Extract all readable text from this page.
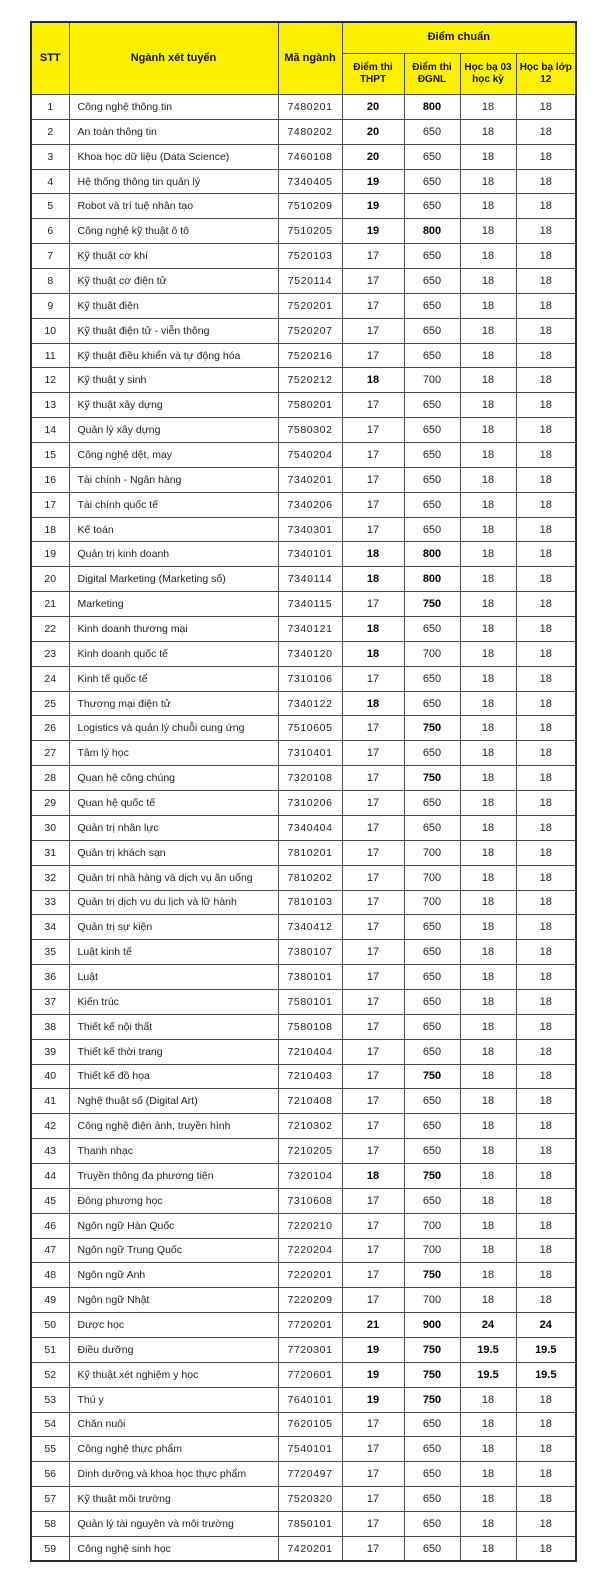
STT	Ngành xét tuyển	Mã ngành	Điểm chuẩn			
			Điểm thi THPT	Điểm thi ĐGNL	Học bạ 03 học kỳ	Học bạ lớp 12
1	Công nghệ thông tin	7480201	20	800	18	18
2	An toàn thông tin	7480202	20	650	18	18
3	Khoa học dữ liệu (Data Science)	7460108	20	650	18	18
4	Hệ thống thông tin quản lý	7340405	19	650	18	18
5	Robot và trí tuệ nhân tạo	7510209	19	650	18	18
6	Công nghệ kỹ thuật ô tô	7510205	19	800	18	18
7	Kỹ thuật cơ khí	7520103	17	650	18	18
8	Kỹ thuật cơ điện tử	7520114	17	650	18	18
9	Kỹ thuật điện	7520201	17	650	18	18
10	Kỹ thuật điện tử - viễn thông	7520207	17	650	18	18
11	Kỹ thuật điều khiển và tự động hóa	7520216	17	650	18	18
12	Kỹ thuật y sinh	7520212	18	700	18	18
13	Kỹ thuật xây dựng	7580201	17	650	18	18
14	Quản lý xây dựng	7580302	17	650	18	18
15	Công nghệ dệt, may	7540204	17	650	18	18
16	Tài chính - Ngân hàng	7340201	17	650	18	18
17	Tài chính quốc tế	7340206	17	650	18	18
18	Kế toán	7340301	17	650	18	18
19	Quản trị kinh doanh	7340101	18	800	18	18
20	Digital Marketing (Marketing số)	7340114	18	800	18	18
21	Marketing	7340115	17	750	18	18
22	Kinh doanh thương mại	7340121	18	650	18	18
23	Kinh doanh quốc tế	7340120	18	700	18	18
24	Kinh tế quốc tế	7310106	17	650	18	18
25	Thương mại điện tử	7340122	18	650	18	18
26	Logistics và quản lý chuỗi cung ứng	7510605	17	750	18	18
27	Tâm lý học	7310401	17	650	18	18
28	Quan hệ công chúng	7320108	17	750	18	18
29	Quan hệ quốc tế	7310206	17	650	18	18
30	Quản trị nhân lực	7340404	17	650	18	18
31	Quản trị khách sạn	7810201	17	700	18	18
32	Quản trị nhà hàng và dịch vụ ăn uống	7810202	17	700	18	18
33	Quản trị dịch vụ du lịch và lữ hành	7810103	17	700	18	18
34	Quản trị sự kiện	7340412	17	650	18	18
35	Luật kinh tế	7380107	17	650	18	18
36	Luật	7380101	17	650	18	18
37	Kiến trúc	7580101	17	650	18	18
38	Thiết kế nội thất	7580108	17	650	18	18
39	Thiết kế thời trang	7210404	17	650	18	18
40	Thiết kế đồ họa	7210403	17	750	18	18
41	Nghệ thuật số (Digital Art)	7210408	17	650	18	18
42	Công nghệ điện ảnh, truyền hình	7210302	17	650	18	18
43	Thanh nhạc	7210205	17	650	18	18
44	Truyền thông đa phương tiện	7320104	18	750	18	18
45	Đông phương học	7310608	17	650	18	18
46	Ngôn ngữ Hàn Quốc	7220210	17	700	18	18
47	Ngôn ngữ Trung Quốc	7220204	17	700	18	18
48	Ngôn ngữ Anh	7220201	17	750	18	18
49	Ngôn ngữ Nhật	7220209	17	700	18	18
50	Dược học	7720201	21	900	24	24
51	Điều dưỡng	7720301	19	750	19.5	19.5
52	Kỹ thuật xét nghiệm y học	7720601	19	750	19.5	19.5
53	Thú y	7640101	19	750	18	18
54	Chăn nuôi	7620105	17	650	18	18
55	Công nghệ thực phẩm	7540101	17	650	18	18
56	Dinh dưỡng và khoa học thực phẩm	7720497	17	650	18	18
57	Kỹ thuật môi trường	7520320	17	650	18	18
58	Quản lý tài nguyên và môi trường	7850101	17	650	18	18
59	Công nghệ sinh học	7420201	17	650	18	18
